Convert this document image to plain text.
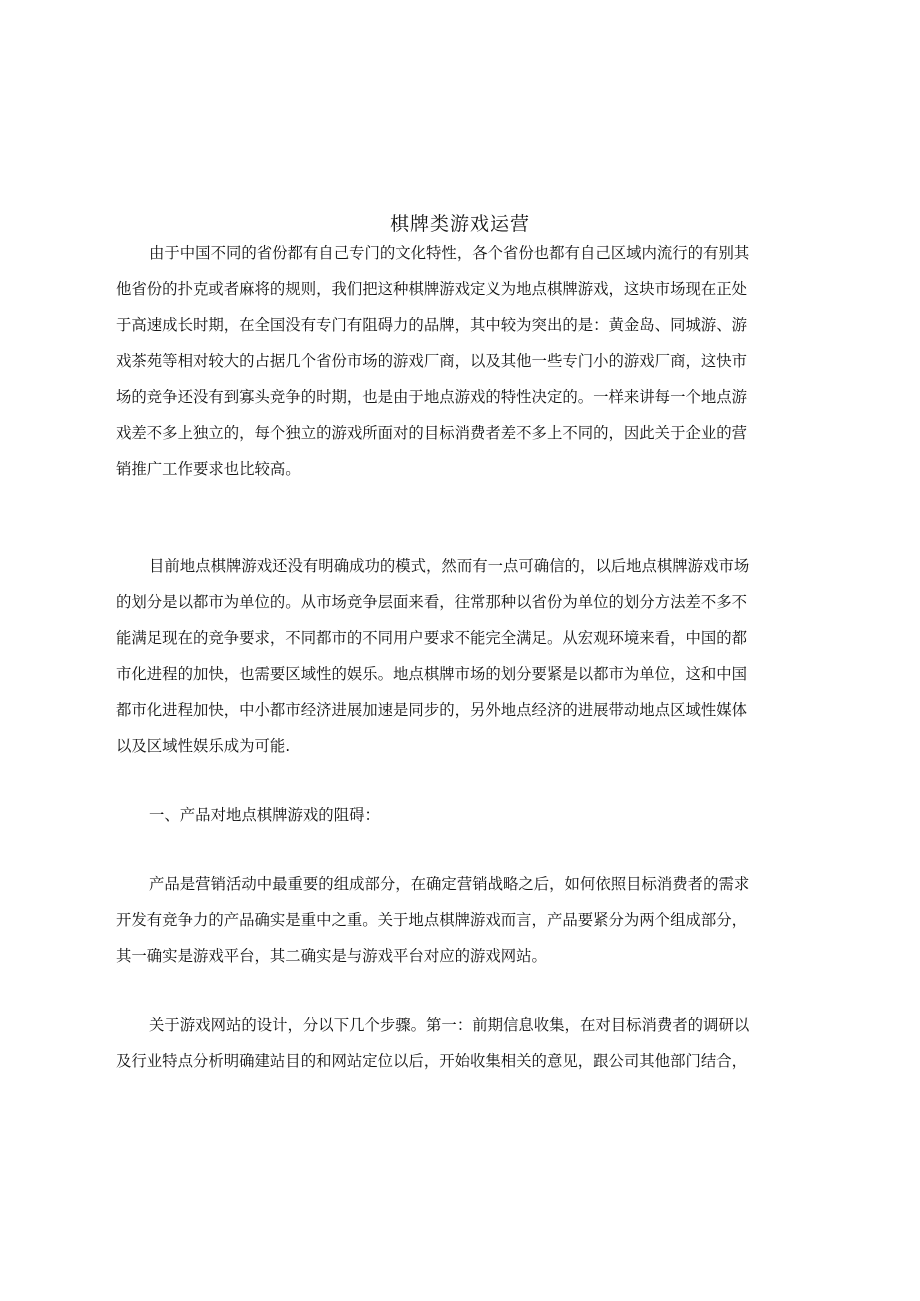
棋牌类游戏运营
由于中国不同的省份都有自己专门的文化特性，各个省份也都有自己区域内流行的有别其
他省份的扑克或者麻将的规则，我们把这种棋牌游戏定义为地点棋牌游戏，这块市场现在正处
于高速成长时期，在全国没有专门有阻碍力的品牌，其中较为突出的是：黄金岛、同城游、游
戏茶苑等相对较大的占据几个省份市场的游戏厂商，以及其他一些专门小的游戏厂商，这快市
场的竞争还没有到寡头竞争的时期，也是由于地点游戏的特性决定的。一样来讲每一个地点游
戏差不多上独立的，每个独立的游戏所面对的目标消费者差不多上不同的，因此关于企业的营
销推广工作要求也比较高。
目前地点棋牌游戏还没有明确成功的模式，然而有一点可确信的，以后地点棋牌游戏市场
的划分是以都市为单位的。从市场竞争层面来看，往常那种以省份为单位的划分方法差不多不
能满足现在的竞争要求，不同都市的不同用户要求不能完全满足。从宏观环境来看，中国的都
市化进程的加快，也需要区域性的娱乐。地点棋牌市场的划分要紧是以都市为单位，这和中国
都市化进程加快，中小都市经济进展加速是同步的，另外地点经济的进展带动地点区域性媒体
以及区域性娱乐成为可能.
一、产品对地点棋牌游戏的阻碍：
产品是营销活动中最重要的组成部分，在确定营销战略之后，如何依照目标消费者的需求
开发有竞争力的产品确实是重中之重。关于地点棋牌游戏而言，产品要紧分为两个组成部分，
其一确实是游戏平台，其二确实是与游戏平台对应的游戏网站。
关于游戏网站的设计，分以下几个步骤。第一：前期信息收集，在对目标消费者的调研以
及行业特点分析明确建站目的和网站定位以后，开始收集相关的意见，跟公司其他部门结合，
